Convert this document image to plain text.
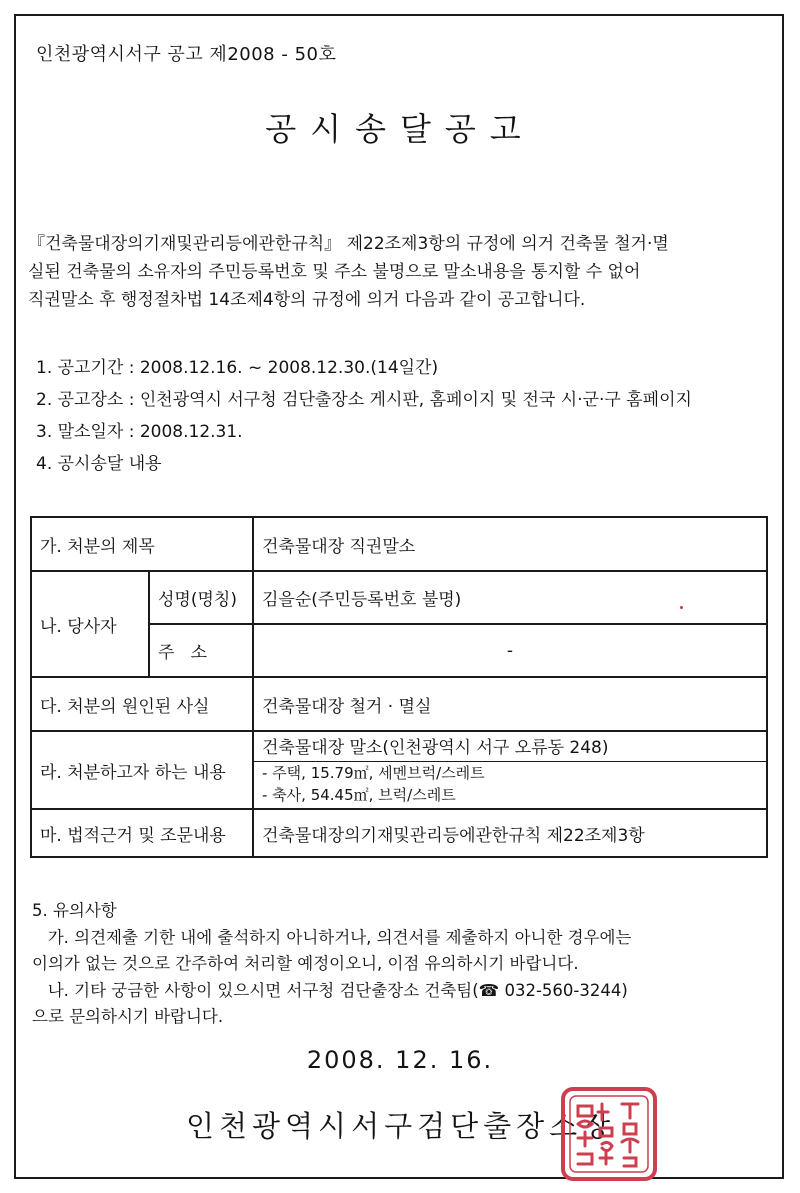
인천광역시서구 공고 제2008 - 50호
공시송달공고
『건축물대장의기재및관리등에관한규칙』 제22조제3항의 규정에 의거 건축물 철거·멸
실된 건축물의 소유자의 주민등록번호 및 주소 불명으로 말소내용을 통지할 수 없어
직권말소 후 행정절차법 14조제4항의 규정에 의거 다음과 같이 공고합니다.
1. 공고기간 : 2008.12.16. ~ 2008.12.30.(14일간)
2. 공고장소 : 인천광역시 서구청 검단출장소 게시판, 홈페이지 및 전국 시·군·구 홈페이지
3. 말소일자 : 2008.12.31.
4. 공시송달 내용
가. 처분의 제목		건축물대장 직권말소
나. 당사자	성명(명칭)	김을순(주민등록번호 불명)
	주   소	-
다. 처분의 원인된 사실		건축물대장 철거 · 멸실
라. 처분하고자 하는 내용		건축물대장 말소(인천광역시 서구 오류동 248)
- 주택, 15.79㎡, 세멘브럭/스레트
- 축사, 54.45㎡, 브럭/스레트

마. 법적근거 및 조문내용		건축물대장의기재및관리등에관한규칙 제22조제3항
5. 유의사항
가. 의견제출 기한 내에 출석하지 아니하거나, 의견서를 제출하지 아니한 경우에는
이의가 없는 것으로 간주하여 처리할 예정이오니, 이점 유의하시기 바랍니다.
나. 기타 궁금한 사항이 있으시면 서구청 검단출장소 건축팀(☎ 032-560-3244)
으로 문의하시기 바랍니다.
2008. 12. 16.
인천광역시서구검단출장소장
